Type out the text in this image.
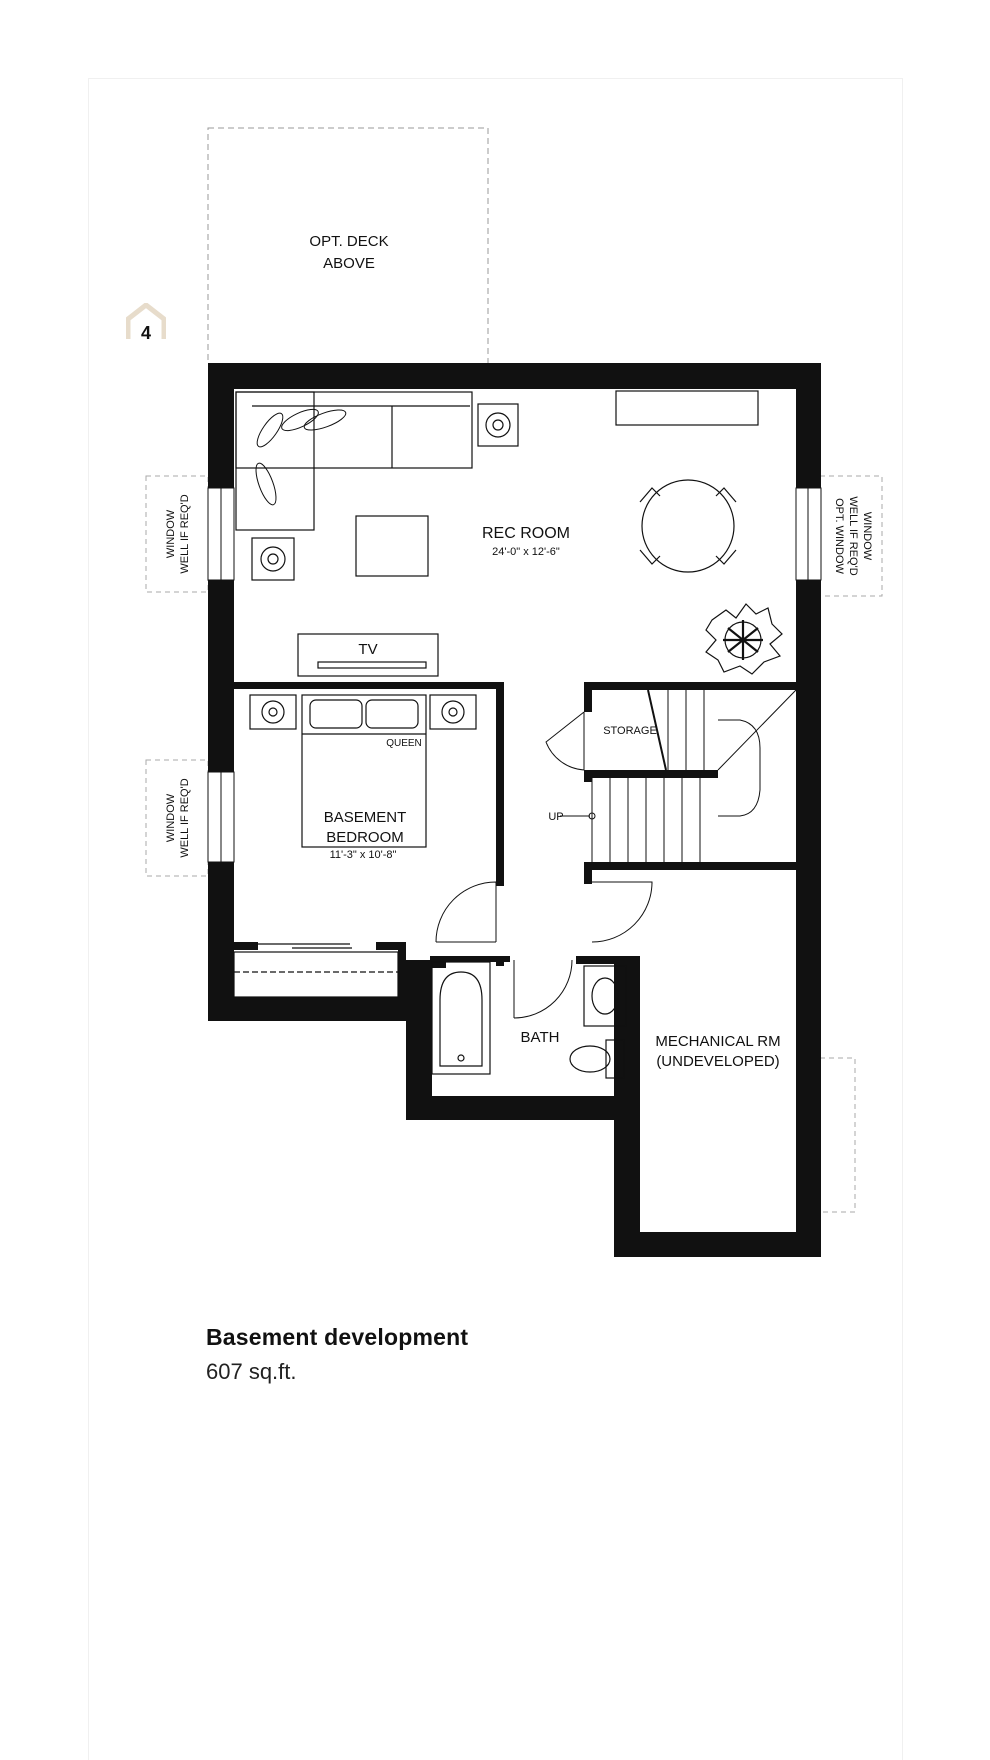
4
OPT. DECK
ABOVE
WINDOW WELL IF REQ'D
WINDOW WELL IF REQ'D
WINDOW
WELL IF REQ'D
OPT. WINDOW
REC ROOM
24'-0" x 12'-6"
TV
QUEEN
BASEMENT
BEDROOM
11'-3" x 10'-8"
STORAGE
UP
BATH	MECHANICAL RM
(UNDEVELOPED)
Basement development
607 sq.ft.
